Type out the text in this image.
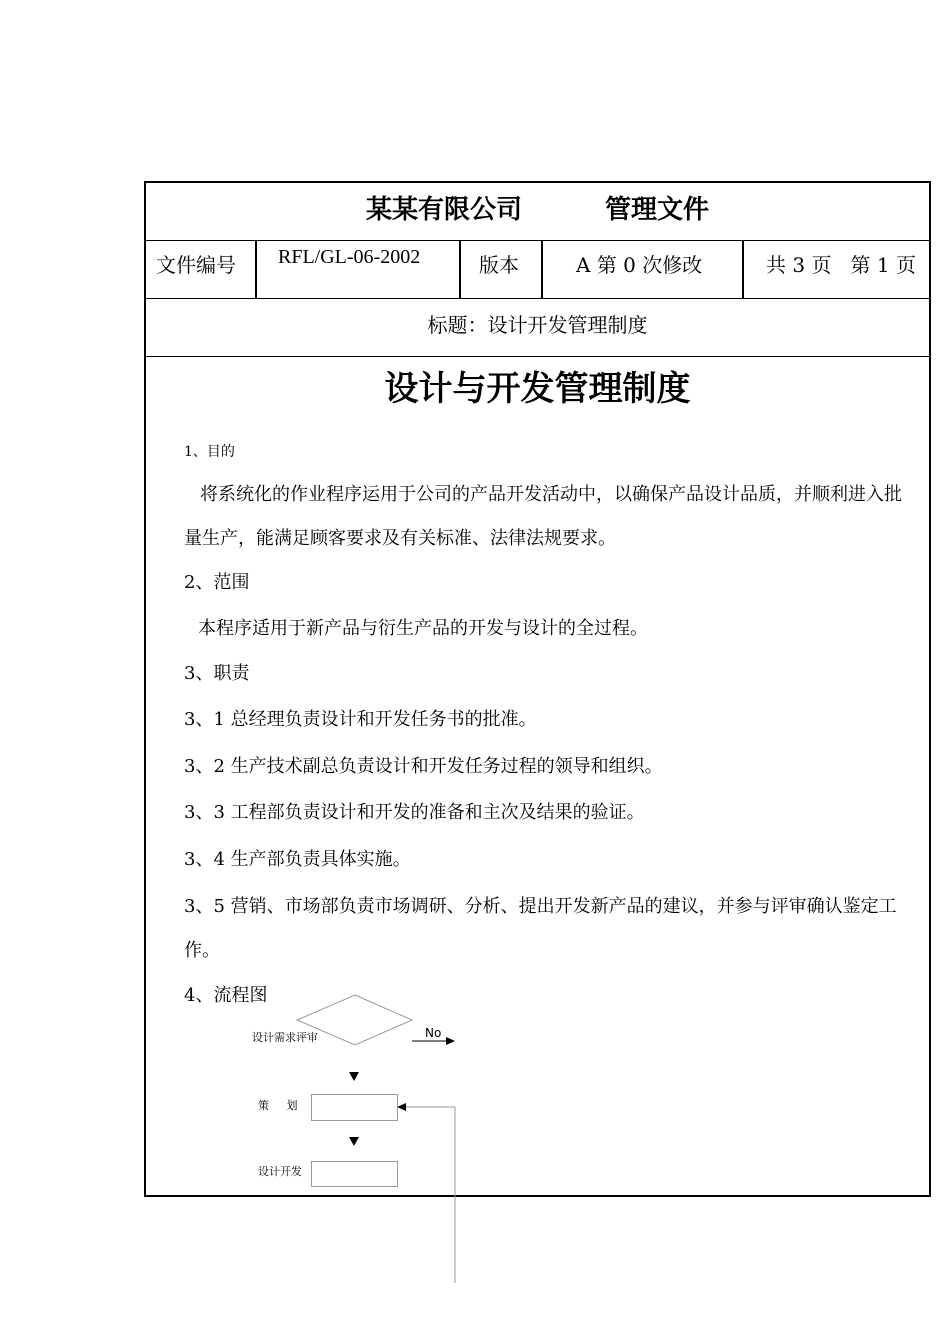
某某有限公司	管理文件
文件编号 RFL/GL-06-2002	版本	A 第 0 次修改	共 3 页   第 1 页
标题：设计开发管理制度
设计与开发管理制度
1、目的
将系统化的作业程序运用于公司的产品开发活动中，以确保产品设计品质，并顺利进入批量生产，能满足顾客要求及有关标准、法律法规要求。
2、范围
本程序适用于新产品与衍生产品的开发与设计的全过程。
3、职责
3、1 总经理负责设计和开发任务书的批准。
3、2 生产技术副总负责设计和开发任务过程的领导和组织。
3、3 工程部负责设计和开发的准备和主次及结果的验证。
3、4 生产部负责具体实施。
3、5 营销、市场部负责市场调研、分析、提出开发新产品的建议，并参与评审确认鉴定工作。
4、流程图
设计需求评审	No
策     划
设计开发
